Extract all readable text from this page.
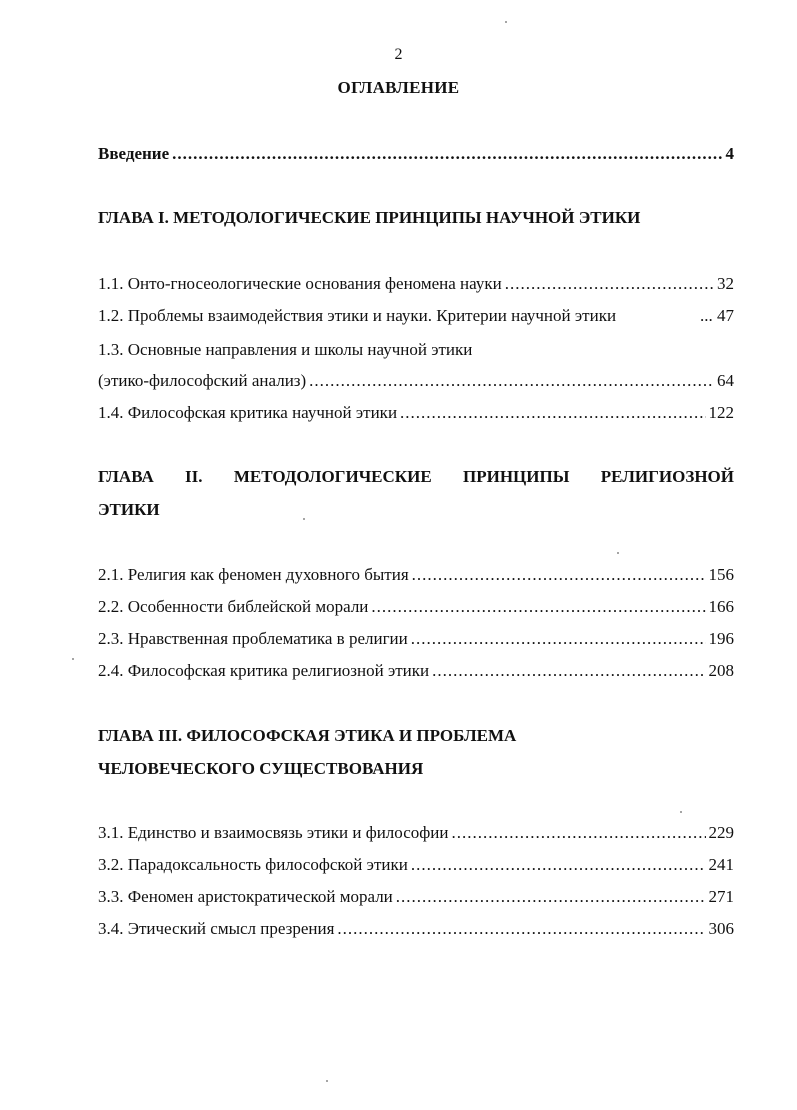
2
ОГЛАВЛЕНИЕ
Введение .....	4
ГЛАВА I. МЕТОДОЛОГИЧЕСКИЕ ПРИНЦИПЫ НАУЧНОЙ ЭТИКИ
1.1. Онто-гносеологические основания феномена науки .....	32
1.2. Проблемы взаимодействия этики и науки. Критерии научной этики	... 47
1.3. Основные направления и школы научной этики
(этико-философский анализ) .....	64
1.4. Философская критика научной этики .....	122
ГЛАВА II. МЕТОДОЛОГИЧЕСКИЕ ПРИНЦИПЫ РЕЛИГИОЗНОЙ
ЭТИКИ
2.1. Религия как феномен духовного бытия .....	156
2.2. Особенности библейской морали .....	166
2.3. Нравственная проблематика в религии .....	196
2.4. Философская критика религиозной этики .....	208
ГЛАВА III. ФИЛОСОФСКАЯ ЭТИКА И ПРОБЛЕМА
ЧЕЛОВЕЧЕСКОГО СУЩЕСТВОВАНИЯ
3.1. Единство и взаимосвязь этики и философии .....	229
3.2. Парадоксальность философской этики .....	241
3.3. Феномен аристократической морали .....	271
3.4. Этический смысл презрения .....	306
